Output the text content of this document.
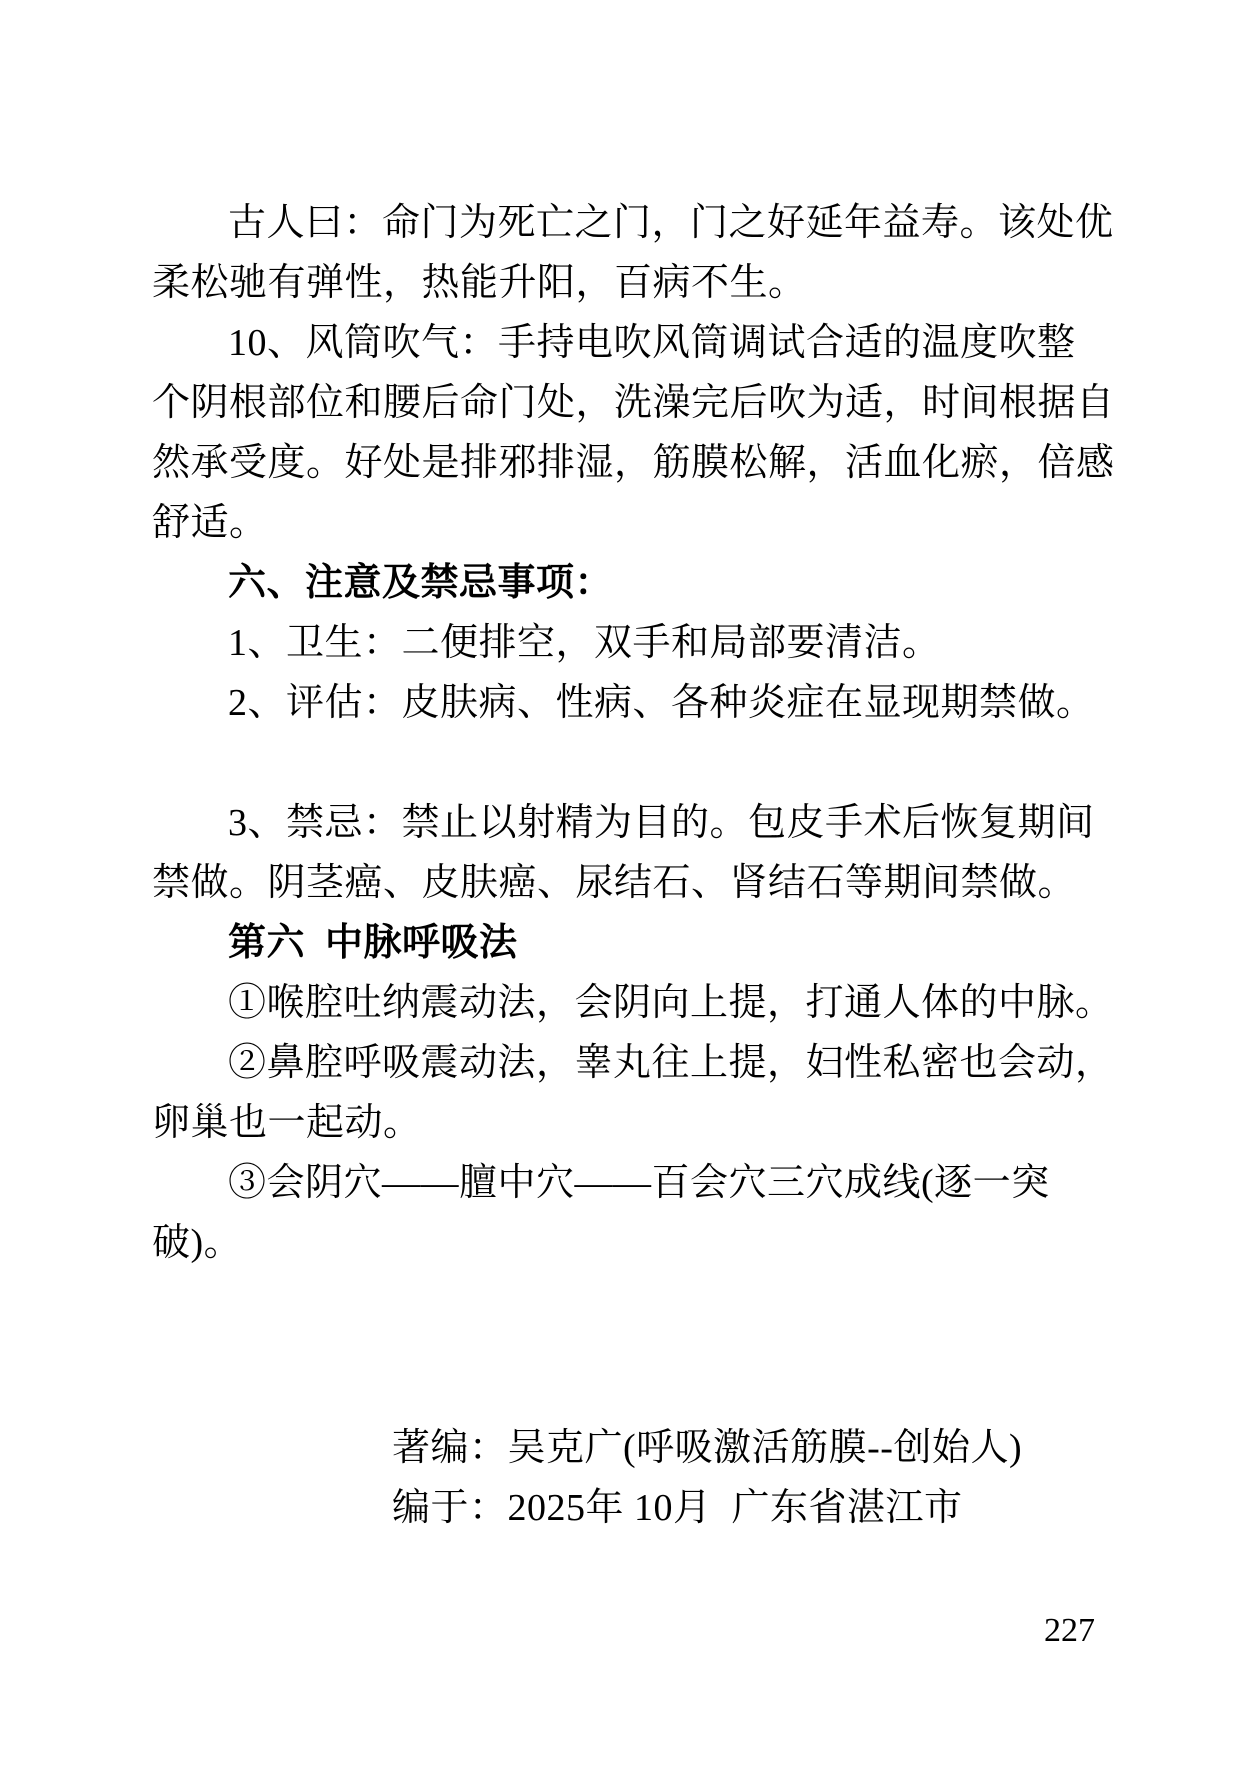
古人曰：命门为死亡之门，门之好延年益寿。该处优
柔松驰有弹性，热能升阳，百病不生。
10、风筒吹气：手持电吹风筒调试合适的温度吹整
个阴根部位和腰后命门处，洗澡完后吹为适，时间根据自
然承受度。好处是排邪排湿，筋膜松解，活血化瘀，倍感
舒适。
六、注意及禁忌事项：
1、卫生：二便排空，双手和局部要清洁。
2、评估：皮肤病、性病、各种炎症在显现期禁做。
3、禁忌：禁止以射精为目的。包皮手术后恢复期间
禁做。阴茎癌、皮肤癌、尿结石、肾结石等期间禁做。
第六  中脉呼吸法
①喉腔吐纳震动法，会阴向上提，打通人体的中脉。
②鼻腔呼吸震动法，睾丸往上提，妇性私密也会动，
卵巢也一起动。
③会阴穴——膻中穴——百会穴三穴成线(逐一突
破)。
著编：吴克广(呼吸激活筋膜--创始人)
编于：2025年 10月  广东省湛江市
227
